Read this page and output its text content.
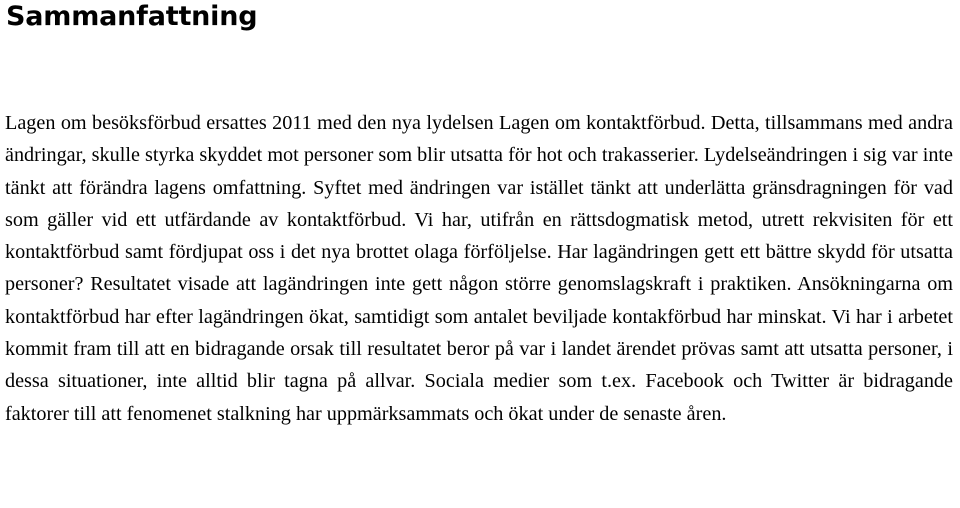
Sammanfattning

Lagen om besöksförbud ersattes 2011 med den nya lydelsen Lagen om kontaktförbud. Detta, tillsammans med andra ändringar, skulle styrka skyddet mot personer som blir utsatta för hot och trakasserier. Lydelseändringen i sig var inte tänkt att förändra lagens omfattning. Syftet med ändringen var istället tänkt att underlätta gränsdragningen för vad som gäller vid ett utfärdande av kontaktförbud. Vi har, utifrån en rättsdogmatisk metod, utrett rekvisiten för ett kontaktförbud samt fördjupat oss i det nya brottet olaga förföljelse. Har lagändringen gett ett bättre skydd för utsatta personer? Resultatet visade att lagändringen inte gett någon större genomslagskraft i praktiken. Ansökningarna om kontaktförbud har efter lagändringen ökat, samtidigt som antalet beviljade kontakförbud har minskat. Vi har i arbetet kommit fram till att en bidragande orsak till resultatet beror på var i landet ärendet prövas samt att utsatta personer, i dessa situationer, inte alltid blir tagna på allvar. Sociala medier som t.ex. Facebook och Twitter är bidragande faktorer till att fenomenet stalkning har uppmärksammats och ökat under de senaste åren.
